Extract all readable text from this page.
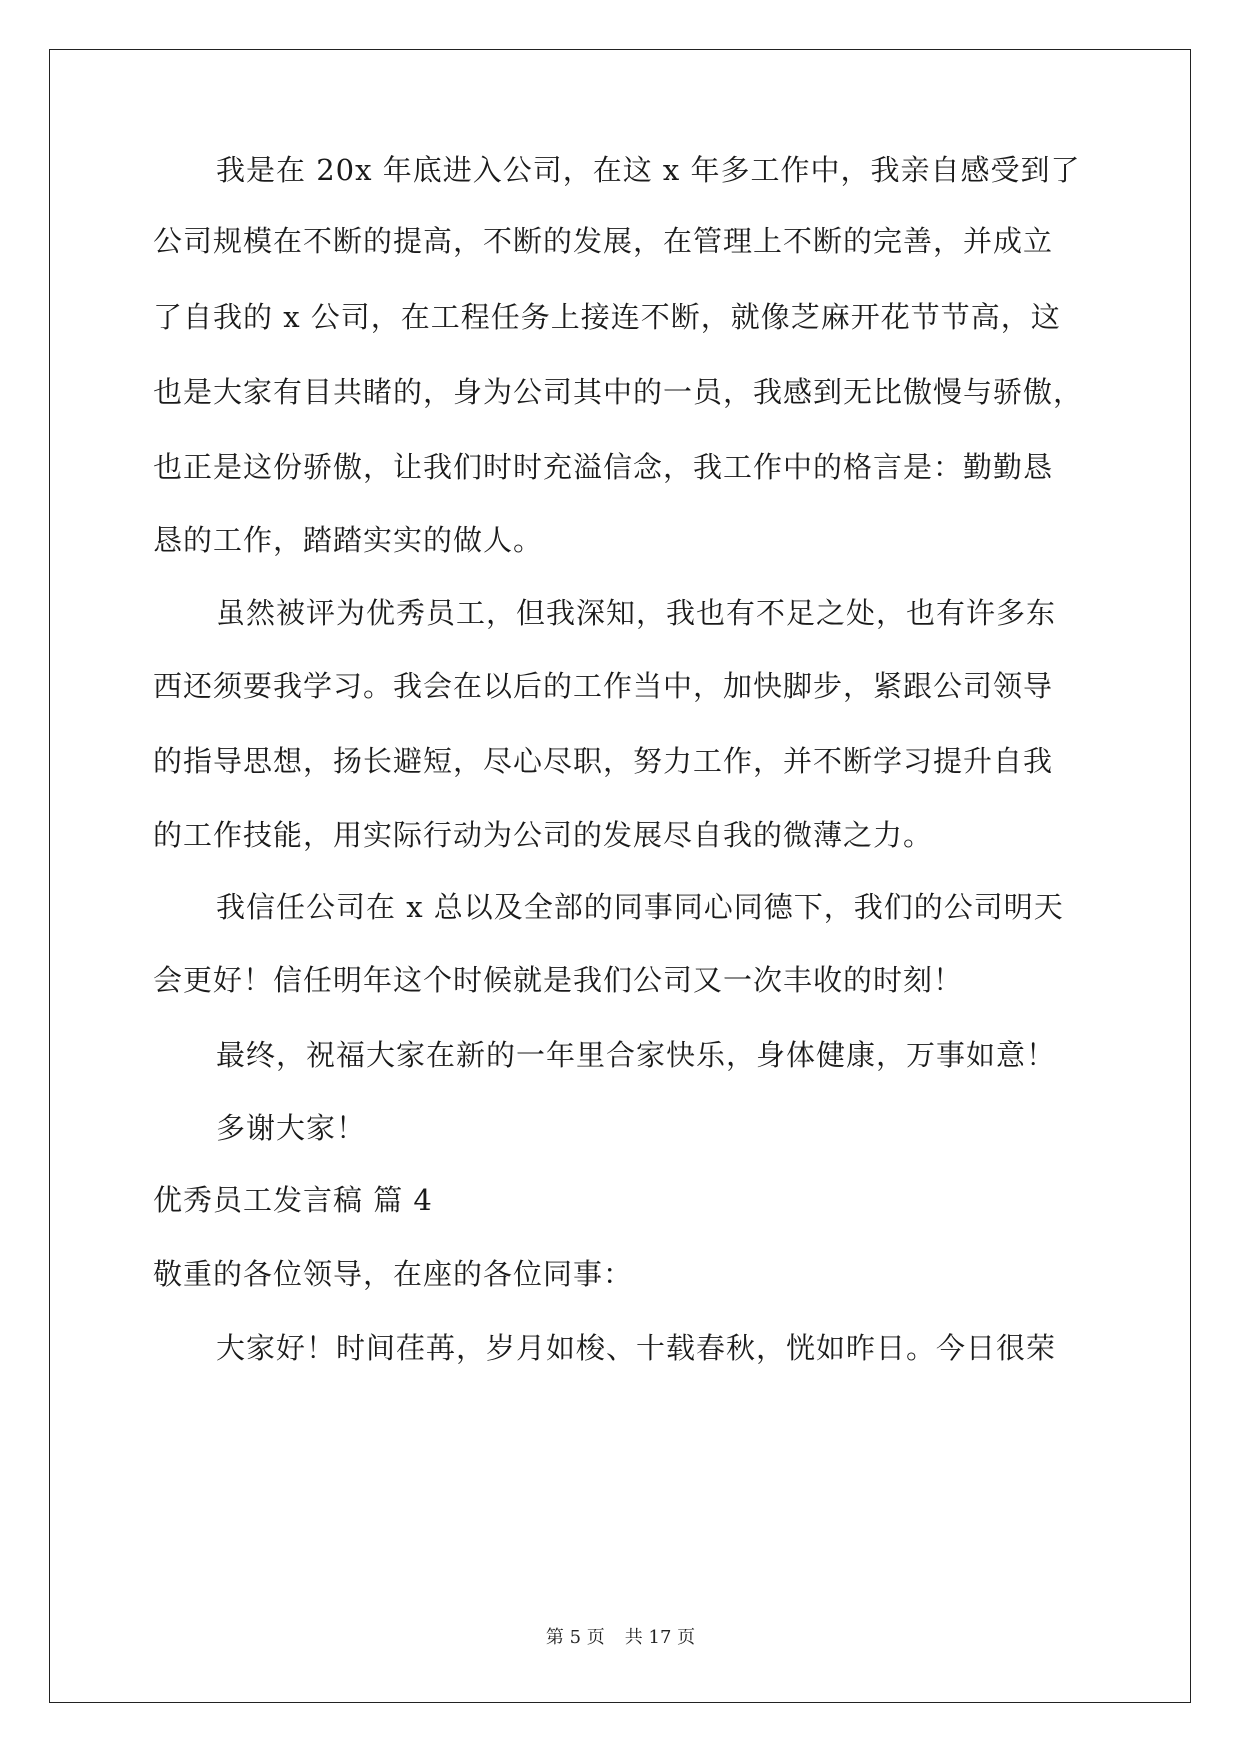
我是在 20x 年底进入公司，在这 x 年多工作中，我亲自感受到了
公司规模在不断的提高，不断的发展，在管理上不断的完善，并成立
了自我的 x 公司，在工程任务上接连不断，就像芝麻开花节节高，这
也是大家有目共睹的，身为公司其中的一员，我感到无比傲慢与骄傲，
也正是这份骄傲，让我们时时充溢信念，我工作中的格言是：勤勤恳
恳的工作，踏踏实实的做人。
虽然被评为优秀员工，但我深知，我也有不足之处，也有许多东
西还须要我学习。我会在以后的工作当中，加快脚步，紧跟公司领导
的指导思想，扬长避短，尽心尽职，努力工作，并不断学习提升自我
的工作技能，用实际行动为公司的发展尽自我的微薄之力。
我信任公司在 x 总以及全部的同事同心同德下，我们的公司明天
会更好！信任明年这个时候就是我们公司又一次丰收的时刻！
最终，祝福大家在新的一年里合家快乐，身体健康，万事如意！
多谢大家！
优秀员工发言稿 篇 4
敬重的各位领导，在座的各位同事：
大家好！时间荏苒，岁月如梭、十载春秋，恍如昨日。今日很荣
第 5 页 共 17 页
